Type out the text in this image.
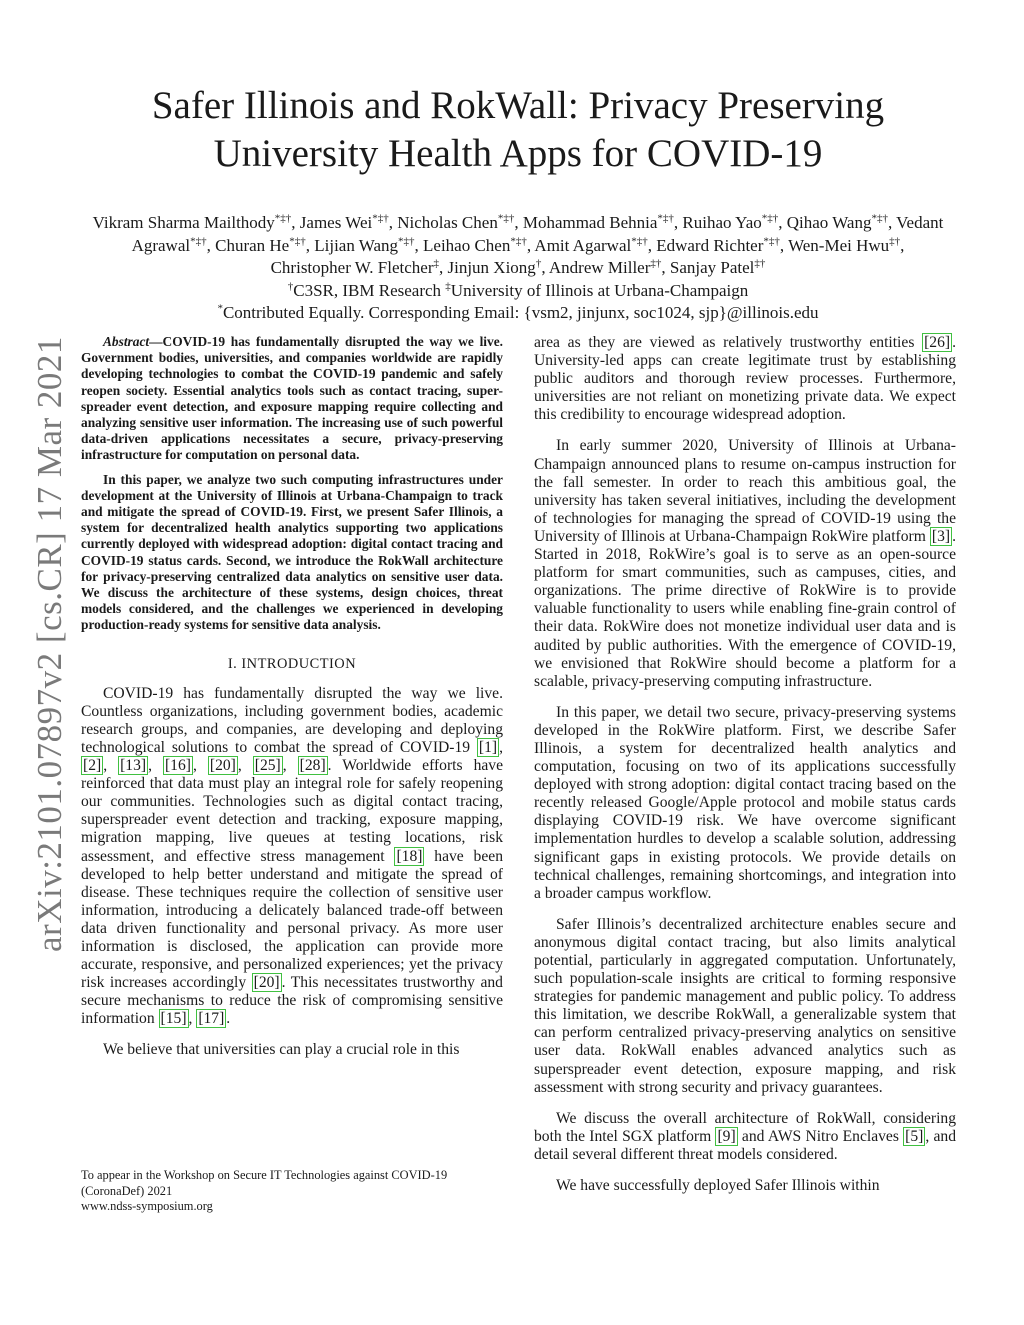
arXiv:2101.07897v2 [cs.CR] 17 Mar 2021
Safer Illinois and RokWall: Privacy Preserving University Health Apps for COVID-19

Vikram Sharma Mailthody*‡†, James Wei*‡†, Nicholas Chen*‡†, Mohammad Behnia*‡†, Ruihao Yao*‡†, Qihao Wang*‡†, Vedant Agrawal*‡†, Churan He*‡†, Lijian Wang*‡†, Leihao Chen*‡†, Amit Agarwal*‡†, Edward Richter*‡†, Wen-Mei Hwu‡†, Christopher W. Fletcher‡, Jinjun Xiong†, Andrew Miller‡†, Sanjay Patel‡†

†C3SR, IBM Research ‡University of Illinois at Urbana-Champaign

*Contributed Equally. Corresponding Email: {vsm2, jinjunx, soc1024, sjp}@illinois.edu

Abstract—COVID-19 has fundamentally disrupted the way we live. Government bodies, universities, and companies worldwide are rapidly developing technologies to combat the COVID-19 pandemic and safely reopen society. Essential analytics tools such as contact tracing, super-spreader event detection, and exposure mapping require collecting and analyzing sensitive user information. The increasing use of such powerful data-driven applications necessitates a secure, privacy-preserving infrastructure for computation on personal data.

In this paper, we analyze two such computing infrastructures under development at the University of Illinois at Urbana-Champaign to track and mitigate the spread of COVID-19. First, we present Safer Illinois, a system for decentralized health analytics supporting two applications currently deployed with widespread adoption: digital contact tracing and COVID-19 status cards. Second, we introduce the RokWall architecture for privacy-preserving centralized data analytics on sensitive user data. We discuss the architecture of these systems, design choices, threat models considered, and the challenges we experienced in developing production-ready systems for sensitive data analysis.

I. INTRODUCTION

COVID-19 has fundamentally disrupted the way we live. Countless organizations, including government bodies, academic research groups, and companies, are developing and deploying technological solutions to combat the spread of COVID-19 [1] , [2] , [13] , [16] , [20] , [25] , [28] . Worldwide efforts have reinforced that data must play an integral role for safely reopening our communities. Technologies such as digital contact tracing, superspreader event detection and tracking, exposure mapping, migration mapping, live queues at testing locations, risk assessment, and effective stress management [18] have been developed to help better understand and mitigate the spread of disease. These techniques require the collection of sensitive user information, introducing a delicately balanced trade-off between data driven functionality and personal privacy. As more user information is disclosed, the application can provide more accurate, responsive, and personalized experiences; yet the privacy risk increases accordingly [20] . This necessitates trustworthy and secure mechanisms to reduce the risk of compromising sensitive information [15] , [17] .

We believe that universities can play a crucial role in this

To appear in the Workshop on Secure IT Technologies against COVID-19 (CoronaDef) 2021

www.ndss-symposium.org

area as they are viewed as relatively trustworthy entities [26] . University-led apps can create legitimate trust by establishing public auditors and thorough review processes. Furthermore, universities are not reliant on monetizing private data. We expect this credibility to encourage widespread adoption.

In early summer 2020, University of Illinois at Urbana-Champaign announced plans to resume on-campus instruction for the fall semester. In order to reach this ambitious goal, the university has taken several initiatives, including the development of technologies for managing the spread of COVID-19 using the University of Illinois at Urbana-Champaign RokWire platform [3] . Started in 2018, RokWire’s goal is to serve as an open-source platform for smart communities, such as campuses, cities, and organizations. The prime directive of RokWire is to provide valuable functionality to users while enabling fine-grain control of their data. RokWire does not monetize individual user data and is audited by public authorities. With the emergence of COVID-19, we envisioned that RokWire should become a platform for a scalable, privacy-preserving computing infrastructure.

In this paper, we detail two secure, privacy-preserving systems developed in the RokWire platform. First, we describe Safer Illinois, a system for decentralized health analytics and computation, focusing on two of its applications successfully deployed with strong adoption: digital contact tracing based on the recently released Google/Apple protocol and mobile status cards displaying COVID-19 risk. We have overcome significant implementation hurdles to develop a scalable solution, addressing significant gaps in existing protocols. We provide details on technical challenges, remaining shortcomings, and integration into a broader campus workflow.

Safer Illinois’s decentralized architecture enables secure and anonymous digital contact tracing, but also limits analytical potential, particularly in aggregated computation. Unfortunately, such population-scale insights are critical to forming responsive strategies for pandemic management and public policy. To address this limitation, we describe RokWall, a generalizable system that can perform centralized privacy-preserving analytics on sensitive user data. RokWall enables advanced analytics such as superspreader event detection, exposure mapping, and risk assessment with strong security and privacy guarantees.

We discuss the overall architecture of RokWall, considering both the Intel SGX platform [9] and AWS Nitro Enclaves [5] , and detail several different threat models considered.

We have successfully deployed Safer Illinois within
